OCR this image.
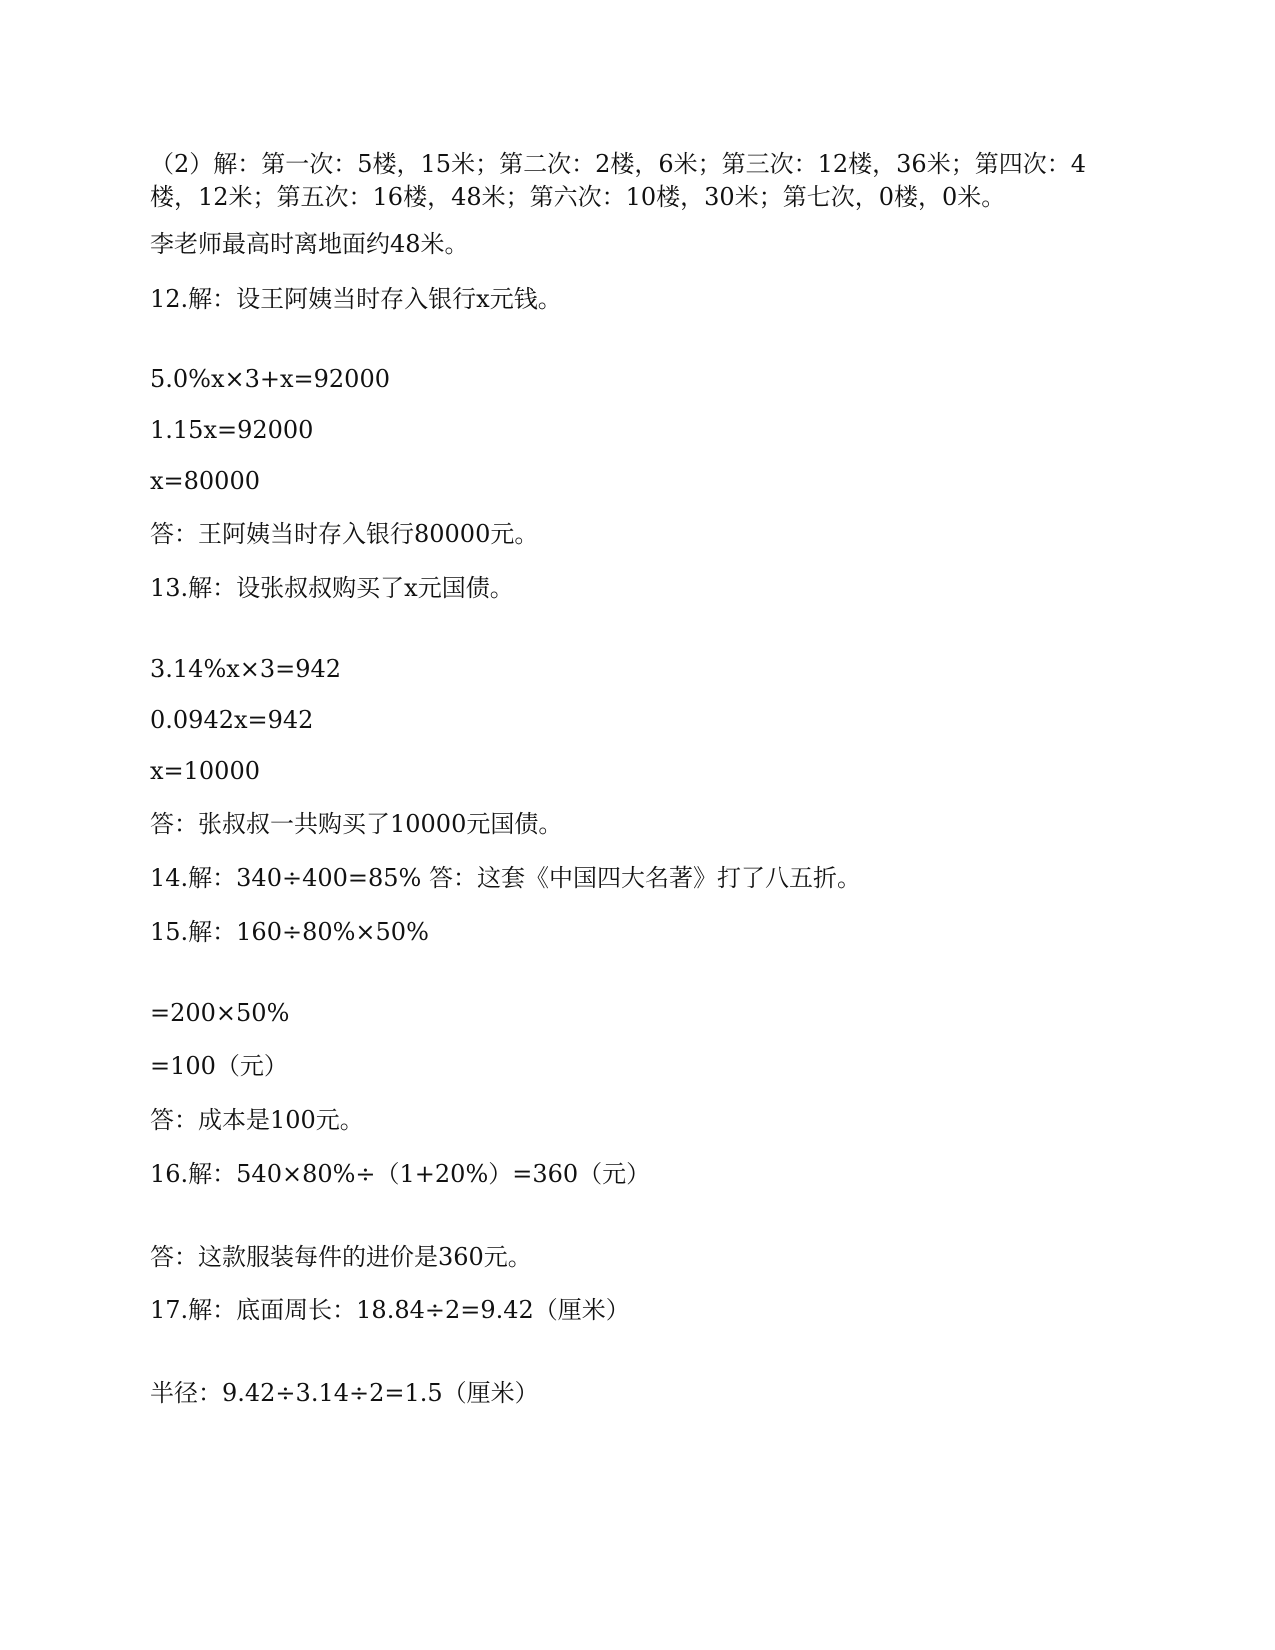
（2）解：第一次：5楼，15米；第二次：2楼，6米；第三次：12楼，36米；第四次：4楼，12米；第五次：16楼，48米；第六次：10楼，30米；第七次，0楼，0米。
李老师最高时离地面约48米。
12.解：设王阿姨当时存入银行x元钱。
5.0%x×3+x=92000
1.15x=92000
x=80000
答：王阿姨当时存入银行80000元。
13.解：设张叔叔购买了x元国债。
3.14%x×3=942
0.0942x=942
x=10000
答：张叔叔一共购买了10000元国债。
14.解：340÷400=85% 答：这套《中国四大名著》打了八五折。
15.解：160÷80%×50%
=200×50%
=100（元）
答：成本是100元。
16.解：540×80%÷（1+20%）=360（元）
答：这款服装每件的进价是360元。
17.解：底面周长：18.84÷2=9.42（厘米）
半径：9.42÷3.14÷2=1.5（厘米）
